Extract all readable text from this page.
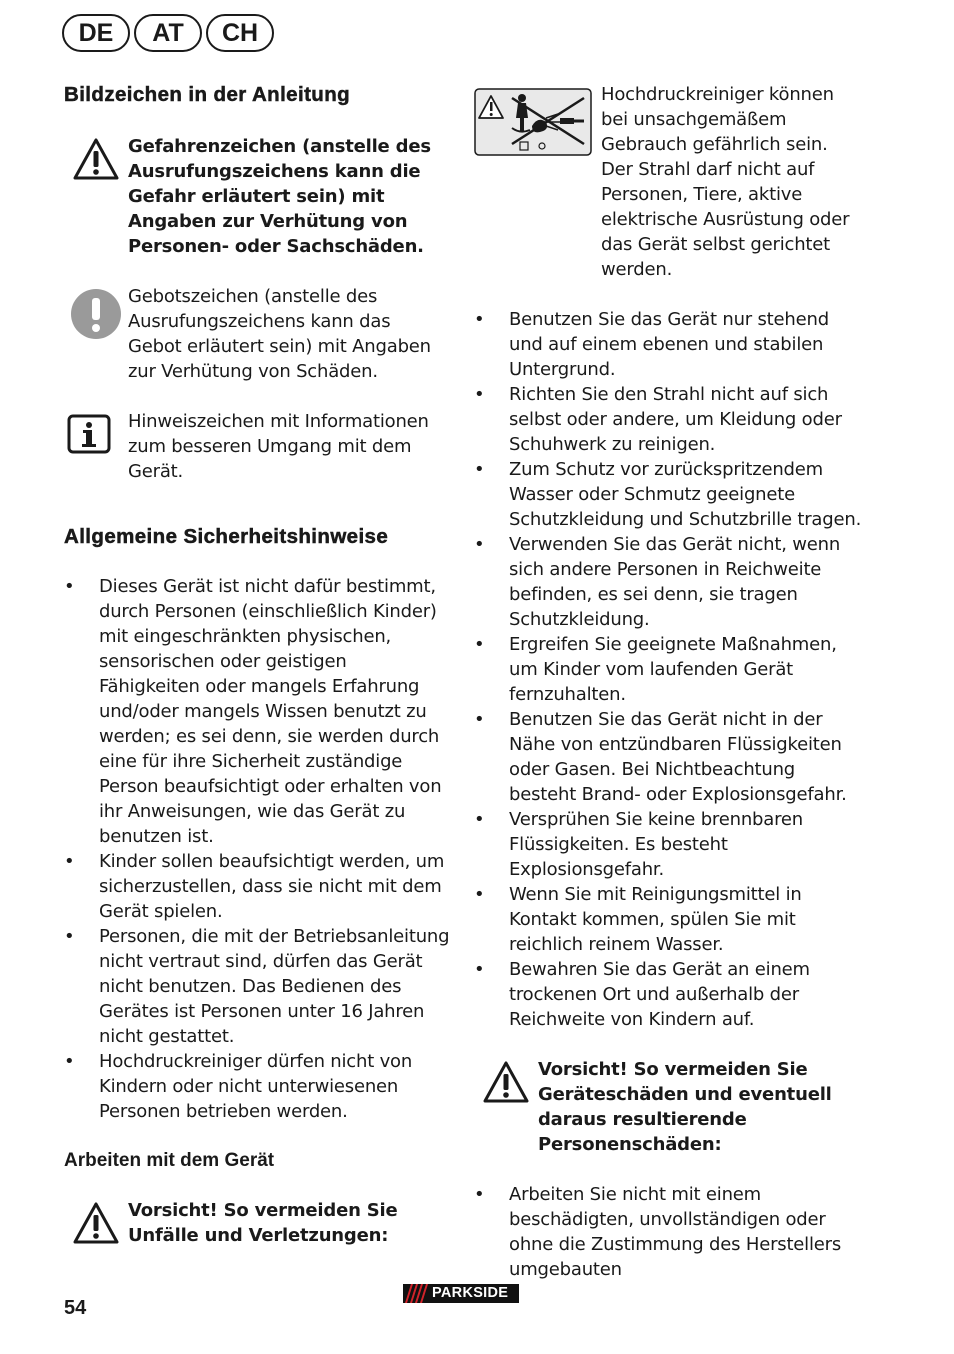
DE	AT	CH
Bildzeichen in der Anleitung
Gefahrenzeichen (anstelle des Ausrufungszeichens kann die Gefahr erläutert sein) mit Angaben zur Verhütung von Personen- oder Sachschäden.
Gebotszeichen (anstelle des Ausrufungszeichens kann das Gebot erläutert sein) mit Angaben zur Verhütung von Schäden.
Hinweiszeichen mit Informationen zum besseren Umgang mit dem Gerät.
Allgemeine Sicherheitshinweise
• Dieses Gerät ist nicht dafür bestimmt, durch Personen (einschließlich Kinder) mit eingeschränkten physischen, sensorischen oder geistigen Fähigkeiten oder mangels Erfahrung und/oder mangels Wissen benutzt zu werden; es sei denn, sie werden durch eine für ihre Sicherheit zuständige Person beaufsichtigt oder erhalten von ihr Anweisungen, wie das Gerät zu benutzen ist.
• Kinder sollen beaufsichtigt werden, um sicherzustellen, dass sie nicht mit dem Gerät spielen.
• Personen, die mit der Betriebsanleitung nicht vertraut sind, dürfen das Gerät nicht benutzen. Das Bedienen des Gerätes ist Personen unter 16 Jahren nicht gestattet.
• Hochdruckreiniger dürfen nicht von Kindern oder nicht unterwiesenen Personen betrieben werden.
Arbeiten mit dem Gerät
Vorsicht! So vermeiden Sie Unfälle und Verletzungen:
Hochdruckreiniger können bei unsachgemäßem Gebrauch gefährlich sein. Der Strahl darf nicht auf Personen, Tiere, aktive elektrische Ausrüstung oder das Gerät selbst gerichtet werden.
• Benutzen Sie das Gerät nur stehend und auf einem ebenen und stabilen Untergrund.
• Richten Sie den Strahl nicht auf sich selbst oder andere, um Kleidung oder Schuhwerk zu reinigen.
• Zum Schutz vor zurückspritzendem Wasser oder Schmutz geeignete Schutzkleidung und Schutzbrille tragen.
• Verwenden Sie das Gerät nicht, wenn sich andere Personen in Reichweite befinden, es sei denn, sie tragen Schutzkleidung.
• Ergreifen Sie geeignete Maßnahmen, um Kinder vom laufenden Gerät fernzuhalten.
• Benutzen Sie das Gerät nicht in der Nähe von entzündbaren Flüssigkeiten oder Gasen. Bei Nichtbeachtung besteht Brand- oder Explosionsgefahr.
• Versprühen Sie keine brennbaren Flüssigkeiten. Es besteht Explosionsgefahr.
• Wenn Sie mit Reinigungsmittel in Kontakt kommen, spülen Sie mit reichlich reinem Wasser.
• Bewahren Sie das Gerät an einem trockenen Ort und außerhalb der Reichweite von Kindern auf.
Vorsicht! So vermeiden Sie Geräteschäden und eventuell daraus resultierende Personenschäden:
• Arbeiten Sie nicht mit einem beschädigten, unvollständigen oder ohne die Zustimmung des Herstellers umgebauten
54
PARKSIDE
